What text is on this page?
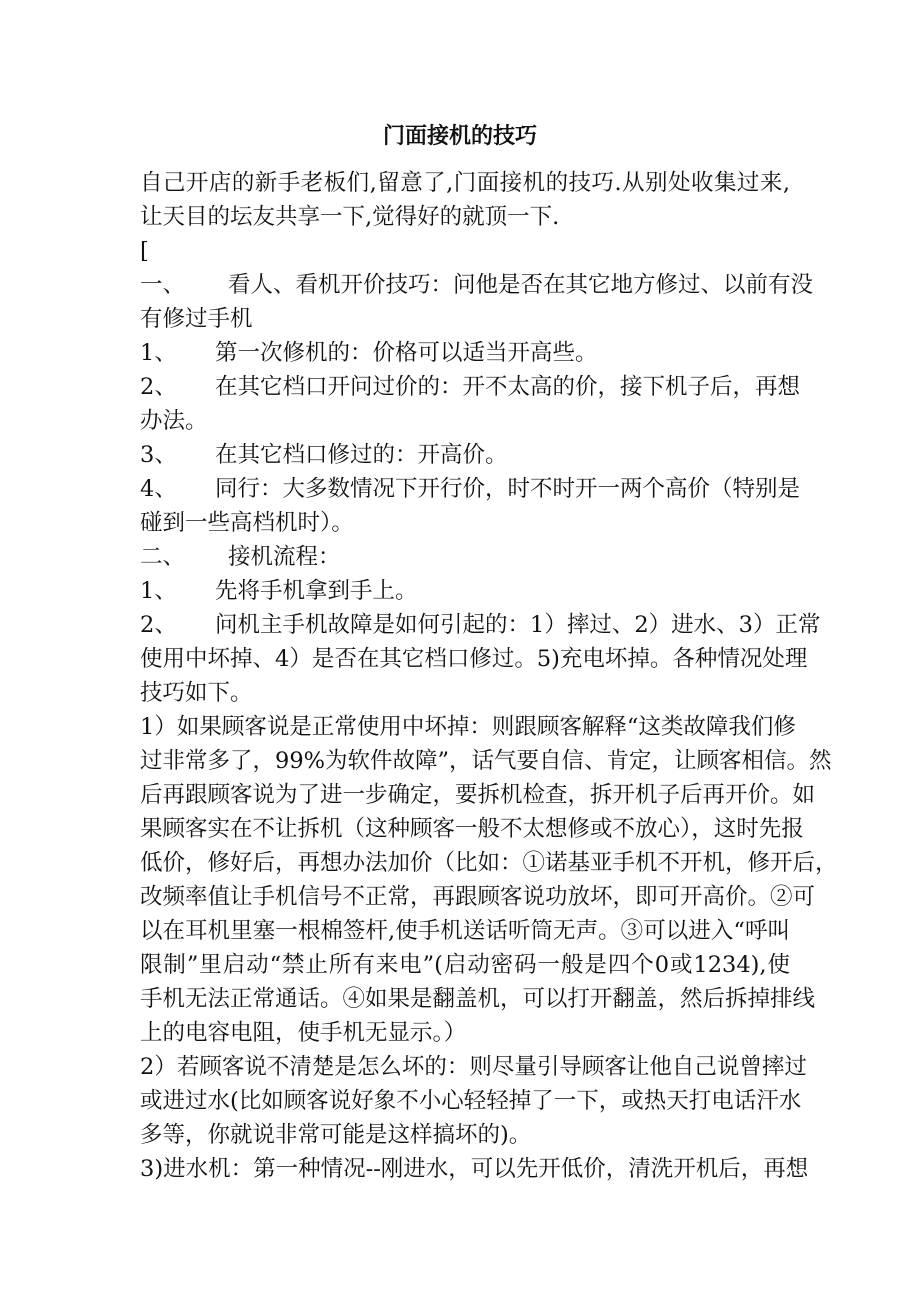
门面接机的技巧
自己开店的新手老板们,留意了,门面接机的技巧.从别处收集过来,
让天目的坛友共享一下,觉得好的就顶一下.
[
一、	看人、看机开价技巧：问他是否在其它地方修过、以前有没
有修过手机
1、	第一次修机的：价格可以适当开高些。
2、	在其它档口开问过价的：开不太高的价，接下机子后，再想
办法。
3、	在其它档口修过的：开高价。
4、	同行：大多数情况下开行价，时不时开一两个高价（特别是
碰到一些高档机时）。
二、	接机流程：
1、	先将手机拿到手上。
2、	问机主手机故障是如何引起的：1）摔过、2）进水、3）正常
使用中坏掉、4）是否在其它档口修过。5)充电坏掉。各种情况处理
技巧如下。
1）如果顾客说是正常使用中坏掉：则跟顾客解释“这类故障我们修
过非常多了，99%为软件故障”，话气要自信、肯定，让顾客相信。然
后再跟顾客说为了进一步确定，要拆机检查，拆开机子后再开价。如
果顾客实在不让拆机（这种顾客一般不太想修或不放心），这时先报
低价，修好后，再想办法加价（比如：①诺基亚手机不开机，修开后，
改频率值让手机信号不正常，再跟顾客说功放坏，即可开高价。②可
以在耳机里塞一根棉签杆,使手机送话听筒无声。③可以进入“呼叫
限制”里启动“禁止所有来电”(启动密码一般是四个0或1234),使
手机无法正常通话。④如果是翻盖机，可以打开翻盖，然后拆掉排线
上的电容电阻，使手机无显示。）
2）若顾客说不清楚是怎么坏的：则尽量引导顾客让他自己说曾摔过
或进过水(比如顾客说好象不小心轻轻掉了一下，或热天打电话汗水
多等，你就说非常可能是这样搞坏的)。
3)进水机：第一种情况--刚进水，可以先开低价，清洗开机后，再想
